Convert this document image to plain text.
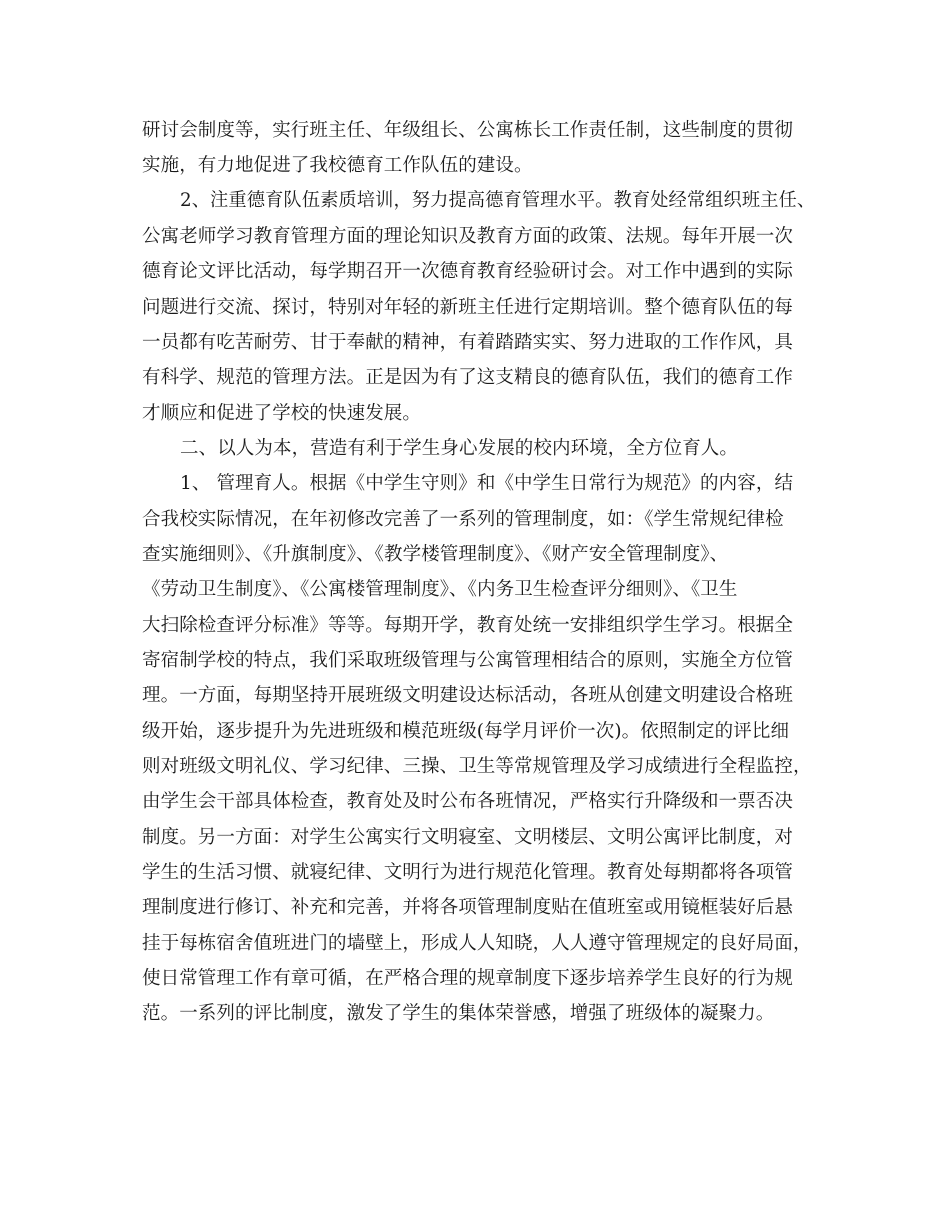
研讨会制度等，实行班主任、年级组长、公寓栋长工作责任制，这些制度的贯彻
实施，有力地促进了我校德育工作队伍的建设。
2、注重德育队伍素质培训，努力提高德育管理水平。教育处经常组织班主任、
公寓老师学习教育管理方面的理论知识及教育方面的政策、法规。每年开展一次
德育论文评比活动，每学期召开一次德育教育经验研讨会。对工作中遇到的实际
问题进行交流、探讨，特别对年轻的新班主任进行定期培训。整个德育队伍的每
一员都有吃苦耐劳、甘于奉献的精神，有着踏踏实实、努力进取的工作作风，具
有科学、规范的管理方法。正是因为有了这支精良的德育队伍，我们的德育工作
才顺应和促进了学校的快速发展。
二、以人为本，营造有利于学生身心发展的校内环境，全方位育人。
1、 管理育人。根据《中学生守则》和《中学生日常行为规范》的内容，结
合我校实际情况，在年初修改完善了一系列的管理制度，如：《学生常规纪律检
查实施细则》、《升旗制度》、《教学楼管理制度》、《财产安全管理制度》、
《劳动卫生制度》、《公寓楼管理制度》、《内务卫生检查评分细则》、《卫生
大扫除检查评分标准》等等。每期开学，教育处统一安排组织学生学习。根据全
寄宿制学校的特点，我们采取班级管理与公寓管理相结合的原则，实施全方位管
理。一方面，每期坚持开展班级文明建设达标活动，各班从创建文明建设合格班
级开始，逐步提升为先进班级和模范班级(每学月评价一次)。依照制定的评比细
则对班级文明礼仪、学习纪律、三操、卫生等常规管理及学习成绩进行全程监控，
由学生会干部具体检查，教育处及时公布各班情况，严格实行升降级和一票否决
制度。另一方面：对学生公寓实行文明寝室、文明楼层、文明公寓评比制度，对
学生的生活习惯、就寝纪律、文明行为进行规范化管理。教育处每期都将各项管
理制度进行修订、补充和完善，并将各项管理制度贴在值班室或用镜框装好后悬
挂于每栋宿舍值班进门的墙壁上，形成人人知晓，人人遵守管理规定的良好局面，
使日常管理工作有章可循，在严格合理的规章制度下逐步培养学生良好的行为规
范。一系列的评比制度，激发了学生的集体荣誉感，增强了班级体的凝聚力。
